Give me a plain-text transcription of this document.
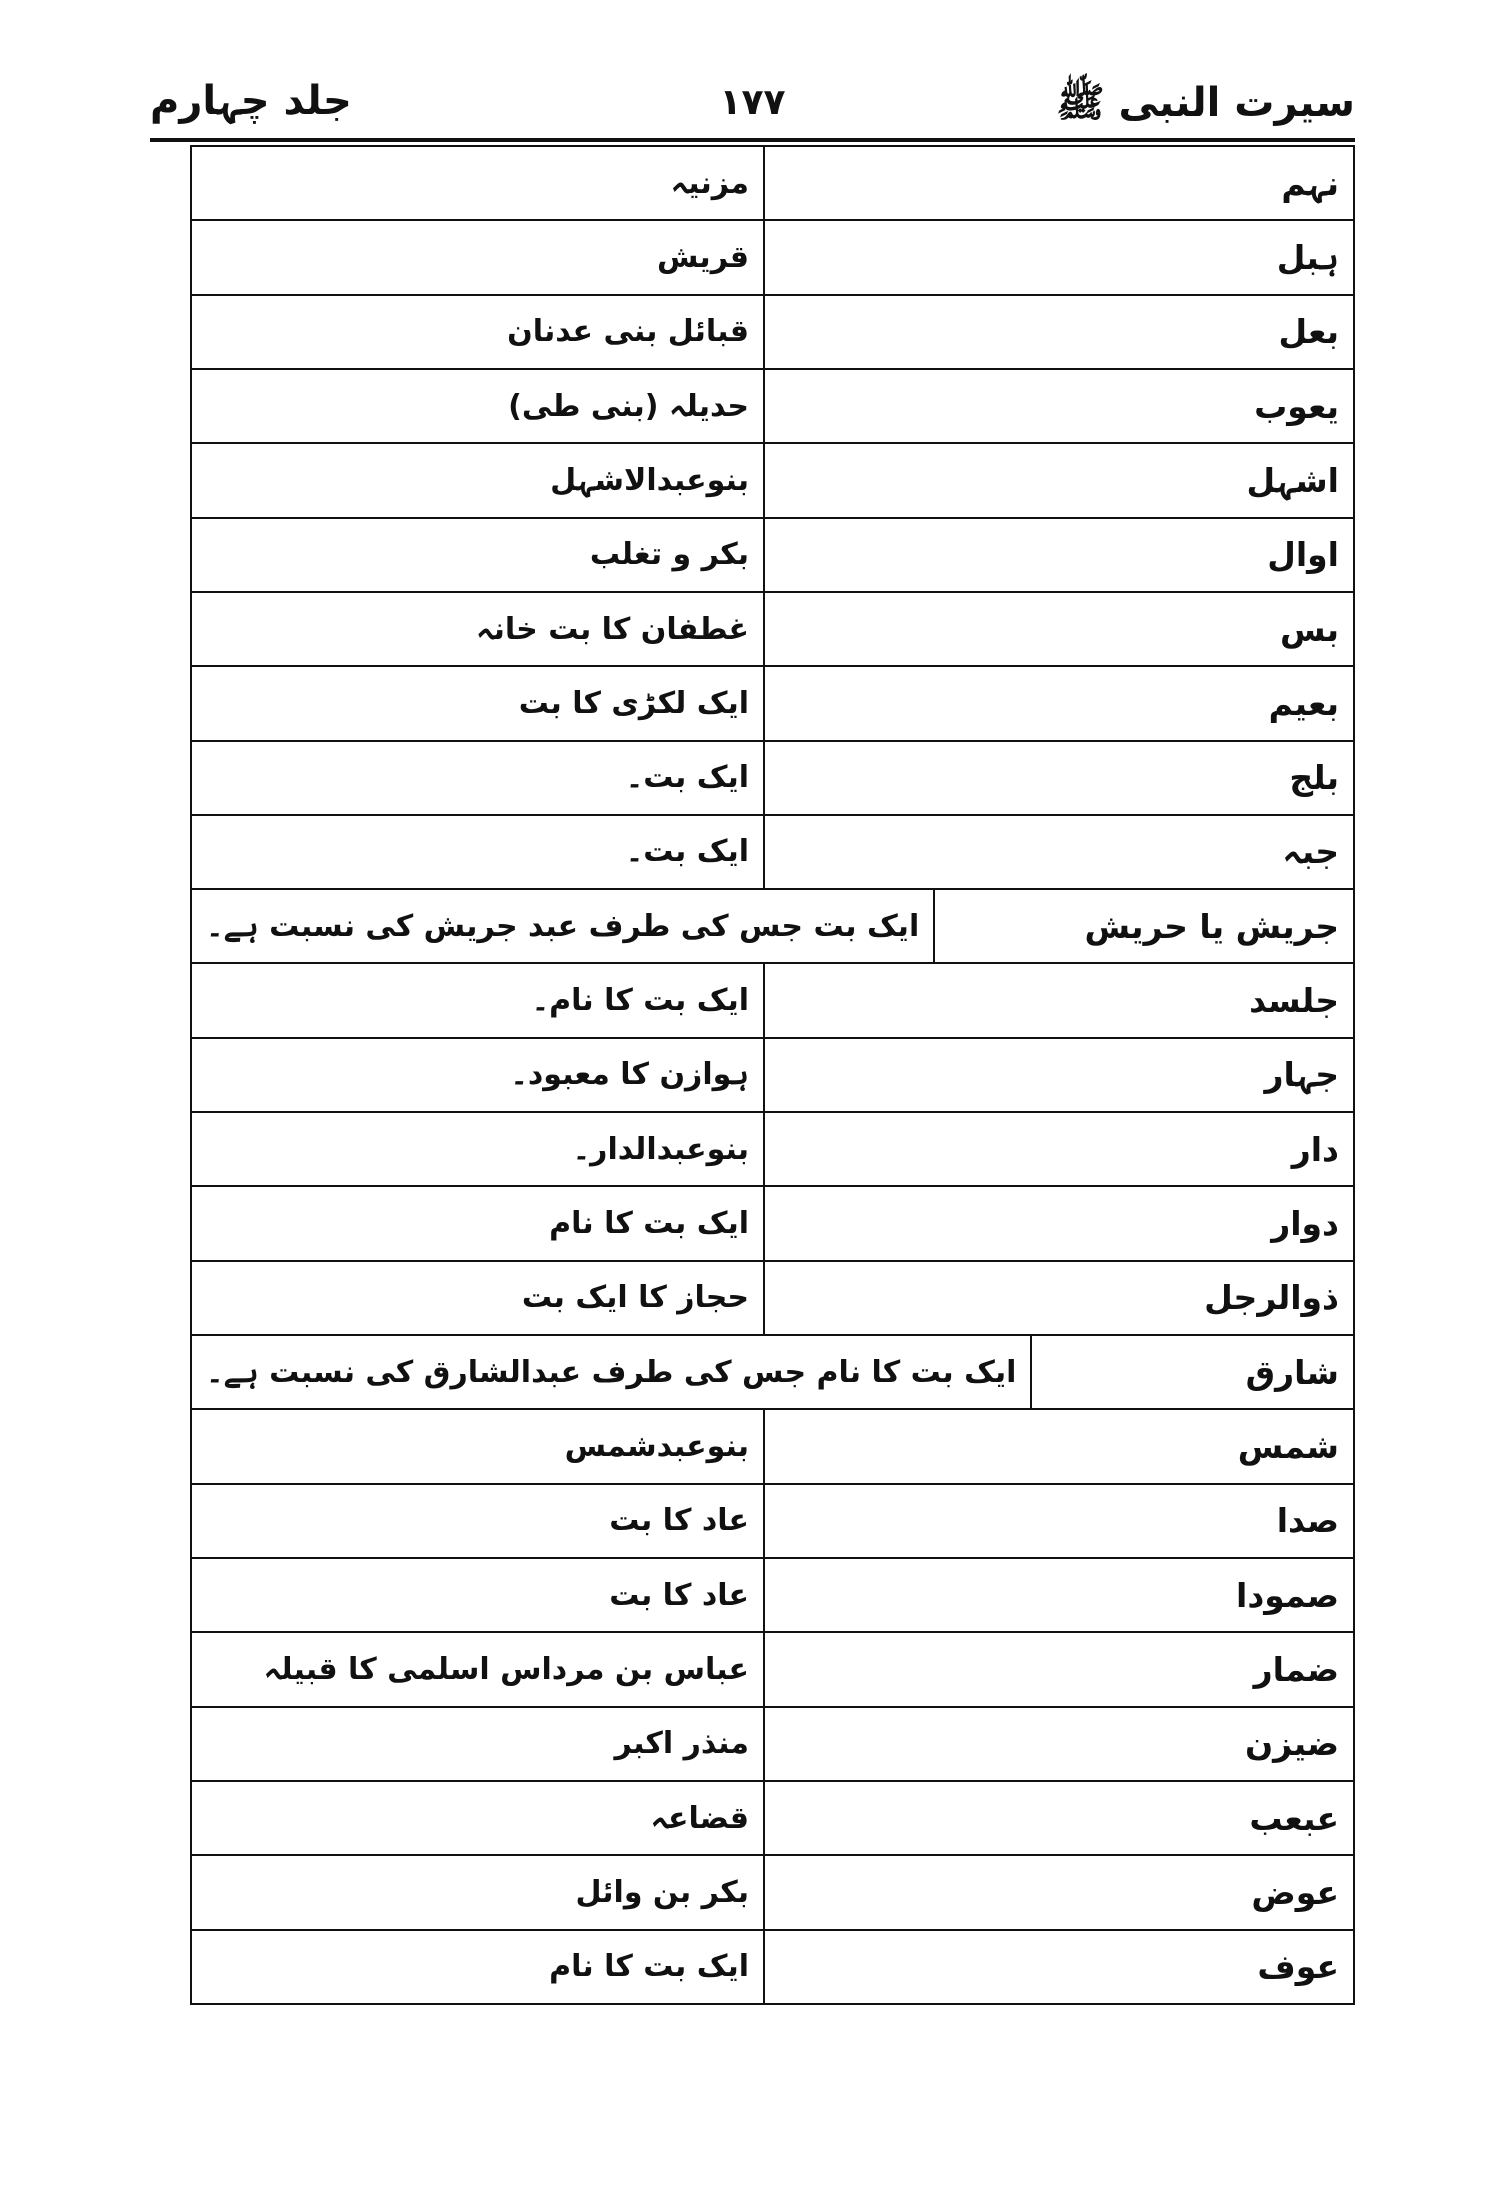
سیرت النبی ﷺ
۱۷۷
جلد چہارم
نہم
مزنیہ
ہبل
قریش
بعل
قبائل بنی عدنان
یعوب
حدیلہ (بنی طی)
اشہل
بنوعبدالاشہل
اوال
بکر و تغلب
بس
غطفان کا بت خانہ
بعیم
ایک لکڑی کا بت
بلج
ایک بت۔
جبہ
ایک بت۔
جریش یا حریش
ایک بت جس کی طرف عبد جریش کی نسبت ہے۔
جلسد
ایک بت کا نام۔
جہار
ہوازن کا معبود۔
دار
بنوعبدالدار۔
دوار
ایک بت کا نام
ذوالرجل
حجاز کا ایک بت
شارق
ایک بت کا نام جس کی طرف عبدالشارق کی نسبت ہے۔
شمس
بنوعبدشمس
صدا
عاد کا بت
صمودا
عاد کا بت
ضمار
عباس بن مرداس اسلمی کا قبیلہ
ضیزن
منذر اکبر
عبعب
قضاعہ
عوض
بکر بن وائل
عوف
ایک بت کا نام
